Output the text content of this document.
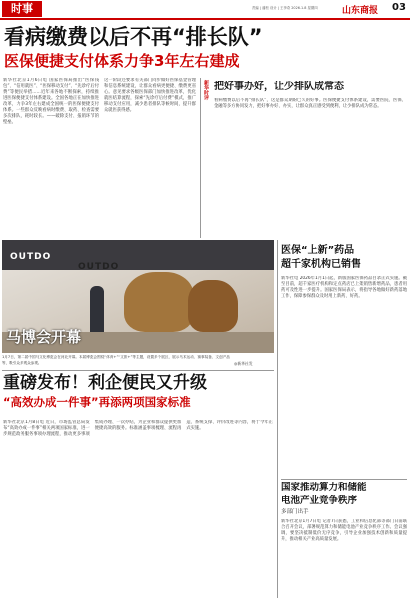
时事	责编 | 潘松 设计 | 王李奇 2026.1.8 星期四	山东商报 03
看病缴费以后不再“排长队”
医保便捷支付体系力争3年左右建成
新华社北京1月6日电 国家医保局推出“医保钱包”、“信用就医”、“医保移动支付”、“先诊疗后付费”等便民举措……近年来各地不断探索，持续推进医保便捷支付体系建设。全国各地正在加快推进改革，力争3年左右建成全国统一的医保便捷支付体系。一些群众反映看病时缴费、取药、检查需要多次排队，耗时较长。——破除支付、报销环节的壁垒。
这一阶段还要求有关部门同步做好医保基金管理和信息系统建设，让群众看病更便捷、缴费更省心。意见要求各级医保部门加快推进改革，优化就医结算流程，探索“先诊疗后付费”模式，推广移动支付应用，减少患者排队等候时间，提升群众就医获得感。
新华时评 把好事办好，让少排队成常态
看病缴费以后不再“排长队”，这是群众期盼已久的好事。医保便捷支付体系建设，需要医院、医保、金融等多方协同发力，把好事办好、办实，让群众真正感受到便利，让少排队成为常态。
OUTDO
OUTDO
马博会开幕
1月7日，第二届中国马文化博览会在河北开幕。本届博览会围绕“体育+”“文旅+”等主题，设置多个展区，展示马术运动、赛事装备、文创产品等，吸引众多观众参观。	◎新华社发
重磅发布！利企便民又升级
“高效办成一件事”再添两项国家标准
新华社北京1月8日电 近日，市场监管总局发布“高效办成一件事”相关两项国家标准，进一步规范政务服务事项办理流程，推动更多事项集成办理、一次办结，为企业和群众提供更加便捷高效的服务。标准涵盖事项梳理、流程再造、系统支撑、评价改进等内容，将于今年正式实施。
医保“上新”药品
超千家机构已销售
新华社电 2026年1月1日起，新版国家医保药品目录正式实施。截至目前，超千家医疗机构和定点药店已上架销售新增药品，患者用药可及性进一步提升。国家医保局表示，将指导各地做好新药落地工作，保障参保群众及时用上新药、好药。
国家推动算力和储能
电池产业竞争秩序
多部门出手
新华社北京1月7日电 记者7日获悉，工业和信息化部等部门日前联合召开会议，部署规范算力和储能电池产业竞争秩序工作。会议强调，要坚决抵制低价无序竞争，引导企业加强技术创新和质量提升，推动相关产业高质量发展。
